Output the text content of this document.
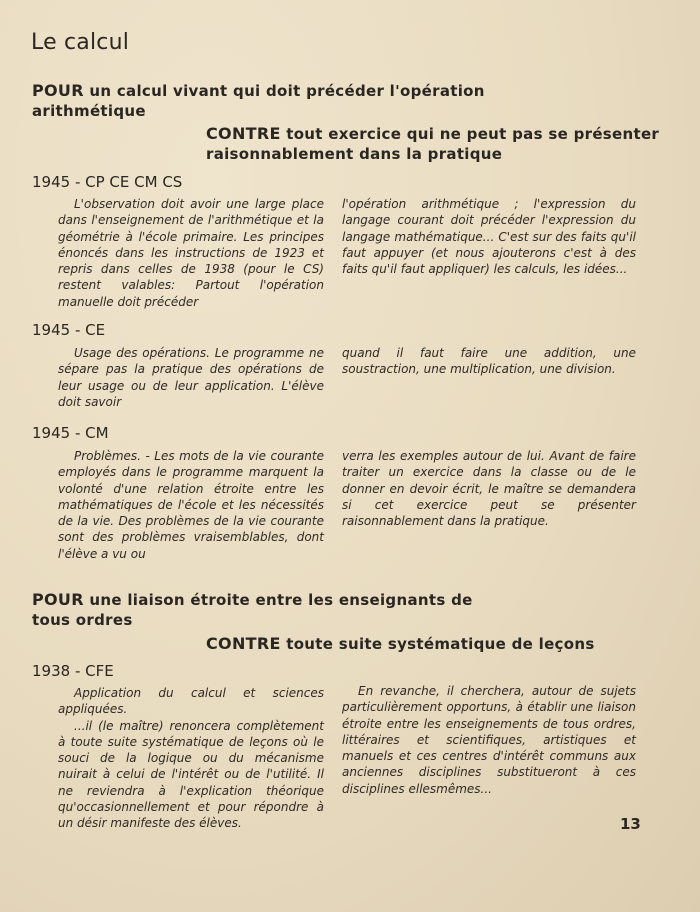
Le calcul
POUR un calcul vivant qui doit précéder l'opération arithmétique
CONTRE tout exercice qui ne peut pas se présenter raisonnablement dans la pratique
1945 - CP CE CM CS

L'observation doit avoir une large place dans l'enseignement de l'arithmétique et la géométrie à l'école primaire. Les principes énoncés dans les instructions de 1923 et repris dans celles de 1938 (pour le CS) restent valables: Partout l'opération manuelle doit précéder

l'opération arithmétique ; l'expression du langage courant doit précéder l'expression du langage mathématique... C'est sur des faits qu'il faut appuyer (et nous ajouterons c'est à des faits qu'il faut appliquer) les calculs, les idées...

1945 - CE

Usage des opérations. Le programme ne sépare pas la pratique des opérations de leur usage ou de leur application. L'élève doit savoir

quand il faut faire une addition, une soustraction, une multiplication, une division.

1945 - CM

Problèmes. - Les mots de la vie courante employés dans le programme marquent la volonté d'une relation étroite entre les mathématiques de l'école et les nécessités de la vie. Des problèmes de la vie courante sont des problèmes vraisemblables, dont l'élève a vu ou

verra les exemples autour de lui. Avant de faire traiter un exercice dans la classe ou de le donner en devoir écrit, le maître se demandera si cet exercice peut se présenter raisonnablement dans la pratique.

POUR une liaison étroite entre les enseignants de tous ordres
CONTRE toute suite systématique de leçons
1938 - CFE

Application du calcul et sciences appliquées.

...il (le maître) renoncera complètement à toute suite systématique de leçons où le souci de la logique ou du mécanisme nuirait à celui de l'intérêt ou de l'utilité. Il ne reviendra à l'explication théorique qu'occasionnellement et pour répondre à un désir manifeste des élèves.

En revanche, il cherchera, autour de sujets particulièrement opportuns, à établir une liaison étroite entre les enseignements de tous ordres, littéraires et scientifiques, artistiques et manuels et ces centres d'intérêt communs aux anciennes disciplines substitueront à ces disciplines ellesmêmes...

13
